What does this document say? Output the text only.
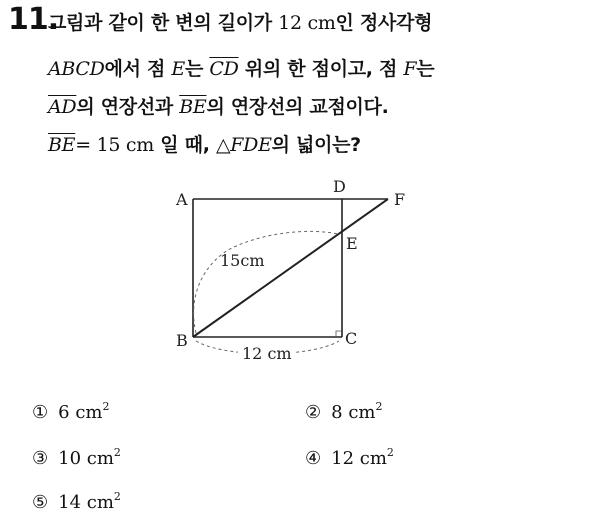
11.
그림과 같이 한 변의 길이가 12 cm인 정사각형
ABCD에서 점 E는 $\overline{CD}$ 위의 한 점이고, 점 F는
$\overline{AD}$의 연장선과 $\overline{BE}$의 연장선의 교점이다.
$\overline{BE}= 15$ cm 일 때, △FDE의 넓이는?
A
D
F
E
B	C
15cm
12 cm
① 6 $cm^2$	② 8 $cm^2$
③ 10 $cm^2$	④ 12 $cm^2$
⑤ 14 $cm^2$
